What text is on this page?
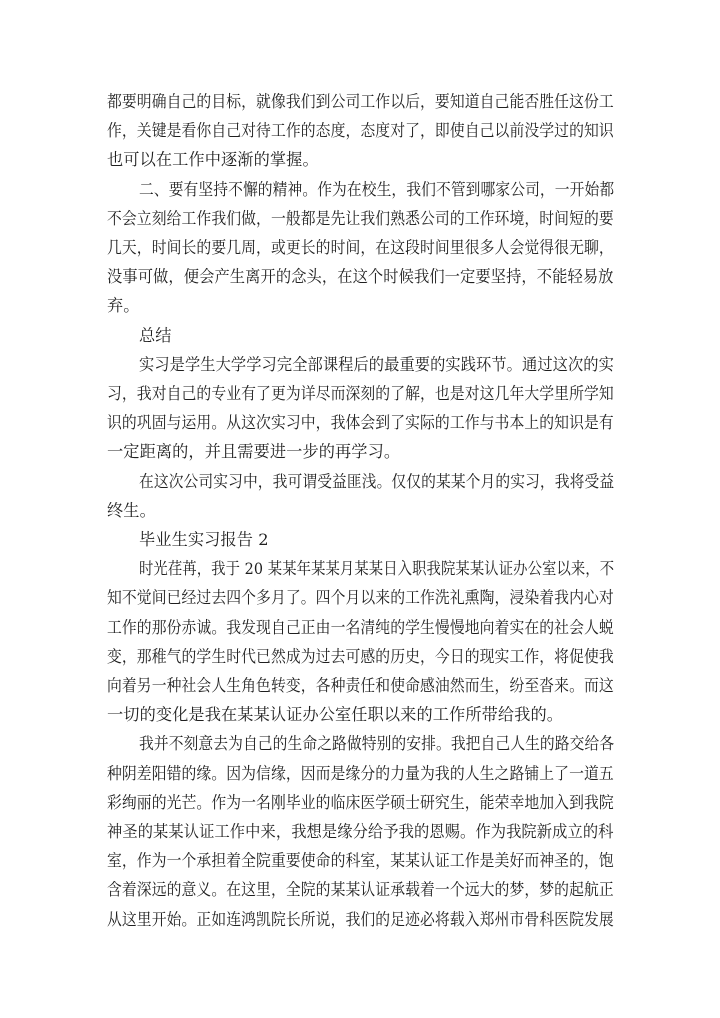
都要明确自己的目标，就像我们到公司工作以后，要知道自己能否胜任这份工
作，关键是看你自己对待工作的态度，态度对了，即使自己以前没学过的知识
也可以在工作中逐渐的掌握。
二、要有坚持不懈的精神。作为在校生，我们不管到哪家公司，一开始都
不会立刻给工作我们做，一般都是先让我们熟悉公司的工作环境，时间短的要
几天，时间长的要几周，或更长的时间，在这段时间里很多人会觉得很无聊，
没事可做，便会产生离开的念头，在这个时候我们一定要坚持，不能轻易放
弃。
总结
实习是学生大学学习完全部课程后的最重要的实践环节。通过这次的实
习，我对自己的专业有了更为详尽而深刻的了解，也是对这几年大学里所学知
识的巩固与运用。从这次实习中，我体会到了实际的工作与书本上的知识是有
一定距离的，并且需要进一步的再学习。
在这次公司实习中，我可谓受益匪浅。仅仅的某某个月的实习，我将受益
终生。
毕业生实习报告 2
时光荏苒，我于 20 某某年某某月某某日入职我院某某认证办公室以来，不
知不觉间已经过去四个多月了。四个月以来的工作洗礼熏陶，浸染着我内心对
工作的那份赤诚。我发现自己正由一名清纯的学生慢慢地向着实在的社会人蜕
变，那稚气的学生时代已然成为过去可感的历史，今日的现实工作，将促使我
向着另一种社会人生角色转变，各种责任和使命感油然而生，纷至沓来。而这
一切的变化是我在某某认证办公室任职以来的工作所带给我的。
我并不刻意去为自己的生命之路做特别的安排。我把自己人生的路交给各
种阴差阳错的缘。因为信缘，因而是缘分的力量为我的人生之路铺上了一道五
彩绚丽的光芒。作为一名刚毕业的临床医学硕士研究生，能荣幸地加入到我院
神圣的某某认证工作中来，我想是缘分给予我的恩赐。作为我院新成立的科
室，作为一个承担着全院重要使命的科室，某某认证工作是美好而神圣的，饱
含着深远的意义。在这里，全院的某某认证承载着一个远大的梦，梦的起航正
从这里开始。正如连鸿凯院长所说，我们的足迹必将载入郑州市骨科医院发展
